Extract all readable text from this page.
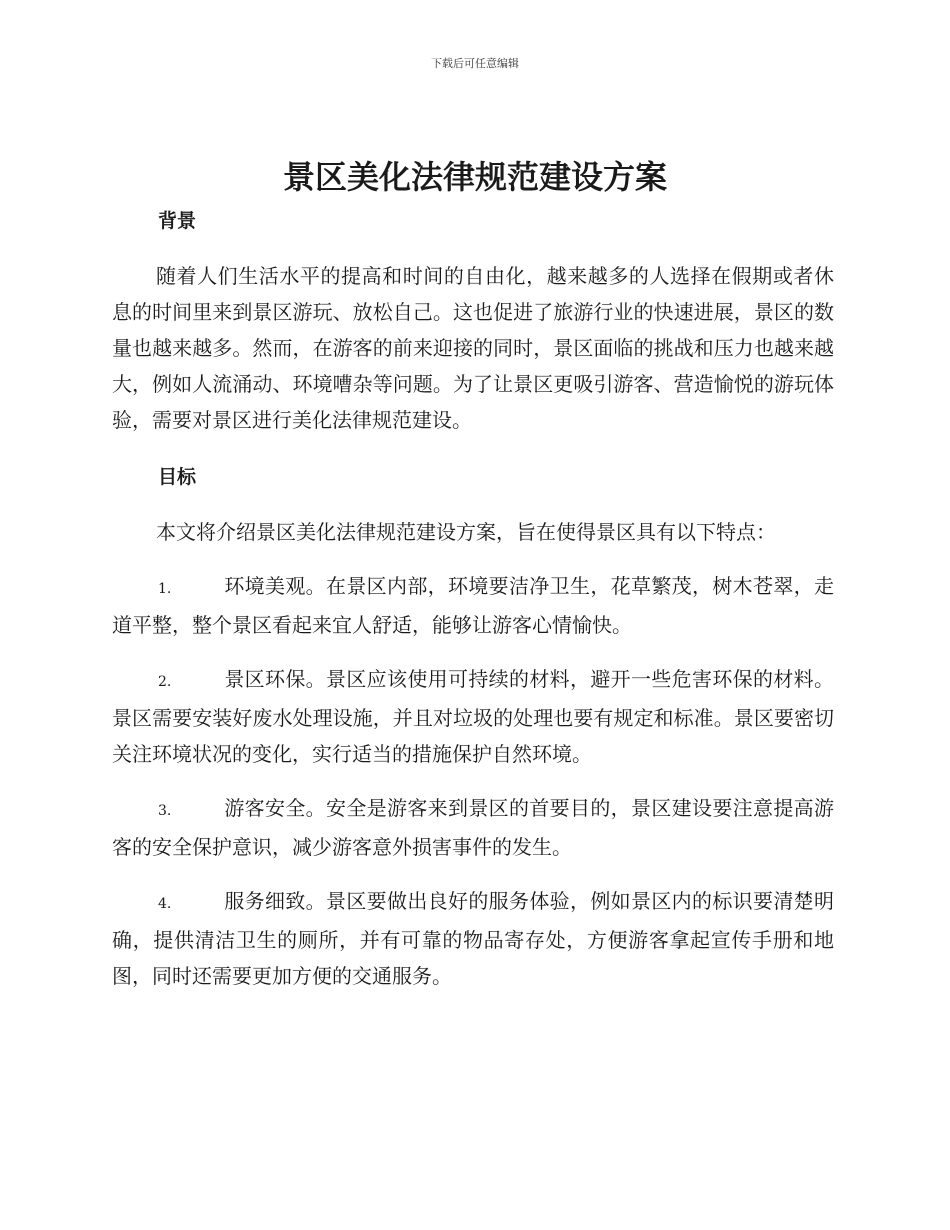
下载后可任意编辑
景区美化法律规范建设方案
背景

随着人们生活水平的提高和时间的自由化，越来越多的人选择在假期或者休息的时间里来到景区游玩、放松自己。这也促进了旅游行业的快速进展，景区的数量也越来越多。然而，在游客的前来迎接的同时，景区面临的挑战和压力也越来越大，例如人流涌动、环境嘈杂等问题。为了让景区更吸引游客、营造愉悦的游玩体验，需要对景区进行美化法律规范建设。

目标

本文将介绍景区美化法律规范建设方案，旨在使得景区具有以下特点：

1.	环境美观。在景区内部，环境要洁净卫生，花草繁茂，树木苍翠，走道平整，整个景区看起来宜人舒适，能够让游客心情愉快。

2.	景区环保。景区应该使用可持续的材料，避开一些危害环保的材料。景区需要安装好废水处理设施，并且对垃圾的处理也要有规定和标准。景区要密切关注环境状况的变化，实行适当的措施保护自然环境。

3.	游客安全。安全是游客来到景区的首要目的，景区建设要注意提高游客的安全保护意识，减少游客意外损害事件的发生。

4.	服务细致。景区要做出良好的服务体验，例如景区内的标识要清楚明确，提供清洁卫生的厕所，并有可靠的物品寄存处，方便游客拿起宣传手册和地图，同时还需要更加方便的交通服务。
